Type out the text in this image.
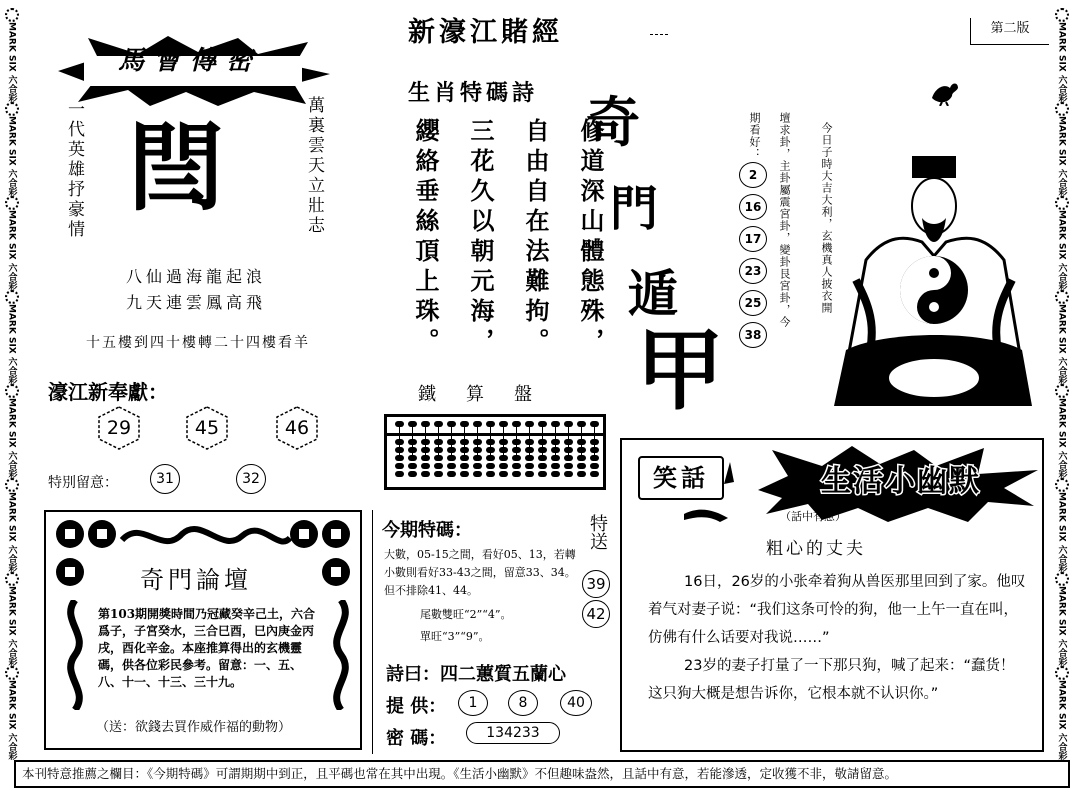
MARK SIX 六合彩
MARK SIX 六合彩
MARK SIX 六合彩
MARK SIX 六合彩
MARK SIX 六合彩
MARK SIX 六合彩
MARK SIX 六合彩
MARK SIX 六合彩
MARK SIX 六合彩
MARK SIX 六合彩
MARK SIX 六合彩
MARK SIX 六合彩
MARK SIX 六合彩
MARK SIX 六合彩
MARK SIX 六合彩
MARK SIX 六合彩
新濠江賭經	第二版
馬會傳密
一代英雄抒豪情	萬裏雲天立壯志
閆
八仙過海龍起浪
九天連雲鳳高飛
十五樓到四十樓轉二十四樓看羊
濠江新奉獻：
29	45	46
特別留意：	31	32
奇門論壇
第103期開獎時間乃冠藏癸辛己土，六合爲子，子宮癸水，三合巳酉，巳內庚金丙戌，酉化辛金。本座推算得出的玄機靈碼，供各位彩民參考。留意：一、五、八、十一、十三、三十九。
（送：欲錢去買作威作福的動物）
生肖特碼詩
修道深山體態殊，
自由自在法難拘。
三花久以朝元海，
纓絡垂絲頂上珠。	奇
門
遁
甲
鐵算盤
今期特碼：	特送
39
42
大數，05-15之間，看好05、13，若轉小數則看好33-43之間，留意33、34。但不排除41、44。
尾數雙旺“2”“4”。
單旺“3”“9”。
詩曰：四二蕙質五蘭心
提 供：	1	8	40
密 碼：	134233
今日子時大吉大利，玄機真人披衣開
壇求卦，主卦屬震宮卦，變卦艮宮卦，今
期看好：
2
16
17
23
25
38
笑話	生活小幽默
（話中有意）
粗心的丈夫
16日，26岁的小张牵着狗从兽医那里回到了家。他叹着气对妻子说：“我们这条可怜的狗，他一上午一直在叫，仿佛有什么话要对我说……”
23岁的妻子打量了一下那只狗，喊了起来：“蠢货！这只狗大概是想告诉你，它根本就不认识你。”
本刊特意推薦之欄目：《今期特碼》可謂期期中到正，且平碼也常在其中出現。《生活小幽默》不但趣味盎然，且話中有意，若能滲透，定收獲不非，敬請留意。
